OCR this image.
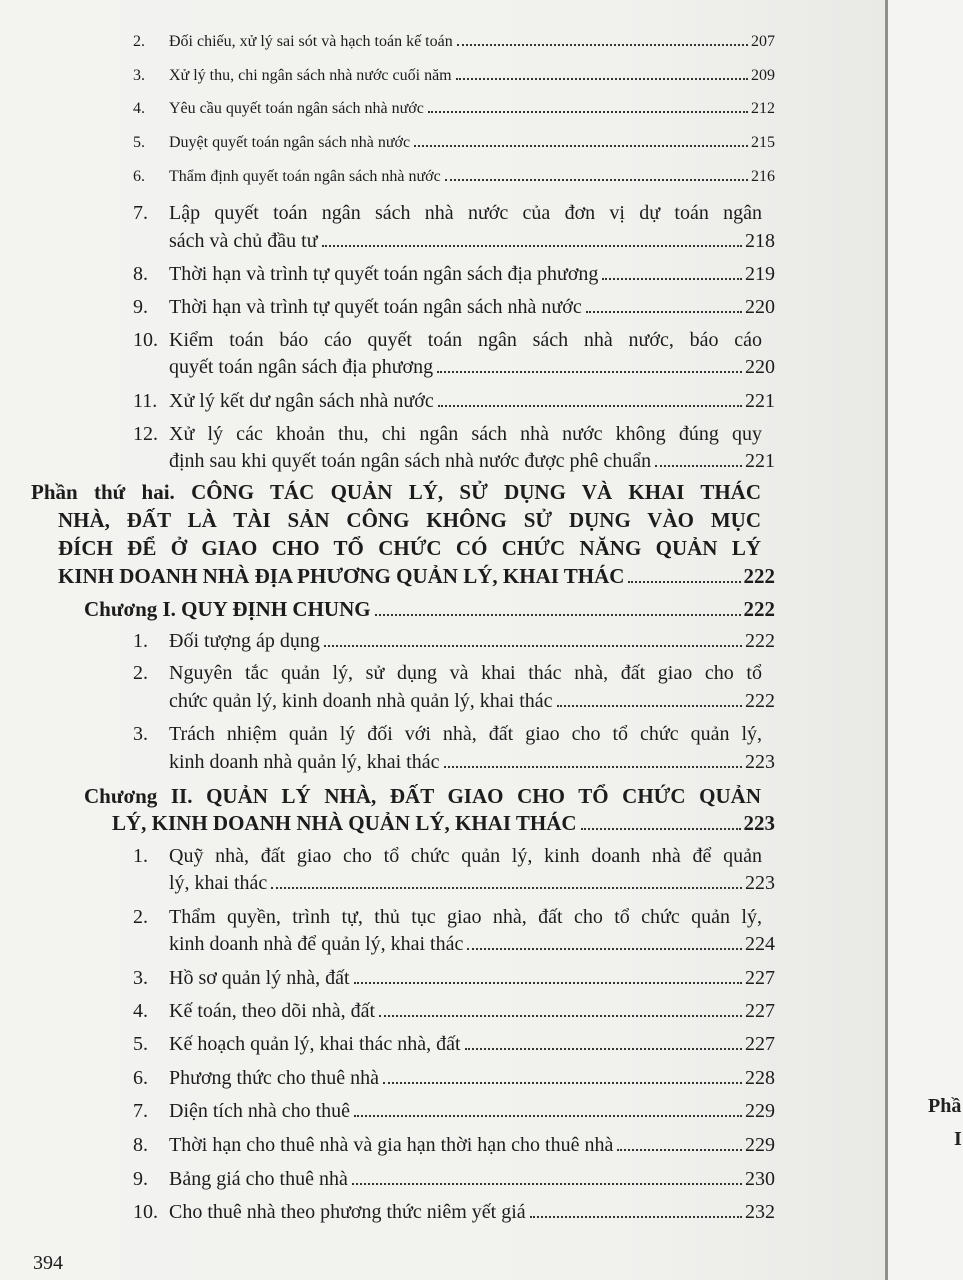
2.	Đối chiếu, xử lý sai sót và hạch toán kế toán	207
3.	Xử lý thu, chi ngân sách nhà nước cuối năm	209
4.	Yêu cầu quyết toán ngân sách nhà nước	212
5.	Duyệt quyết toán ngân sách nhà nước	215
6.	Thẩm định quyết toán ngân sách nhà nước	216
7.	Lập quyết toán ngân sách nhà nước của đơn vị dự toán ngân
sách và chủ đầu tư	218
8.	Thời hạn và trình tự quyết toán ngân sách địa phương	219
9.	Thời hạn và trình tự quyết toán ngân sách nhà nước	220
10. Kiểm toán báo cáo quyết toán ngân sách nhà nước, báo cáo
quyết toán ngân sách địa phương	220
11. Xử lý kết dư ngân sách nhà nước	221
12. Xử lý các khoản thu, chi ngân sách nhà nước không đúng quy
định sau khi quyết toán ngân sách nhà nước được phê chuẩn	221
Phần thứ hai. CÔNG TÁC QUẢN LÝ, SỬ DỤNG VÀ KHAI THÁC
NHÀ, ĐẤT LÀ TÀI SẢN CÔNG KHÔNG SỬ DỤNG VÀO MỤC
ĐÍCH ĐỂ Ở GIAO CHO TỔ CHỨC CÓ CHỨC NĂNG QUẢN LÝ
KINH DOANH NHÀ ĐỊA PHƯƠNG QUẢN LÝ, KHAI THÁC	222
Chương I. QUY ĐỊNH CHUNG	222
1.	Đối tượng áp dụng	222
2. Nguyên tắc quản lý, sử dụng và khai thác nhà, đất giao cho tổ
chức quản lý, kinh doanh nhà quản lý, khai thác	222
3. Trách nhiệm quản lý đối với nhà, đất giao cho tổ chức quản lý,
kinh doanh nhà quản lý, khai thác	223
Chương II. QUẢN LÝ NHÀ, ĐẤT GIAO CHO TỔ CHỨC QUẢN
LÝ, KINH DOANH NHÀ QUẢN LÝ, KHAI THÁC	223
1. Quỹ nhà, đất giao cho tổ chức quản lý, kinh doanh nhà để quản
lý, khai thác	223
2. Thẩm quyền, trình tự, thủ tục giao nhà, đất cho tổ chức quản lý,
kinh doanh nhà để quản lý, khai thác	224
3.	Hồ sơ quản lý nhà, đất	227
4.	Kế toán, theo dõi nhà, đất	227
5.	Kế hoạch quản lý, khai thác nhà, đất	227
6.	Phương thức cho thuê nhà	228
7.	Diện tích nhà cho thuê	229
8.	Thời hạn cho thuê nhà và gia hạn thời hạn cho thuê nhà	229
9.	Bảng giá cho thuê nhà	230
10. Cho thuê nhà theo phương thức niêm yết giá	232
394
Phầ
I
